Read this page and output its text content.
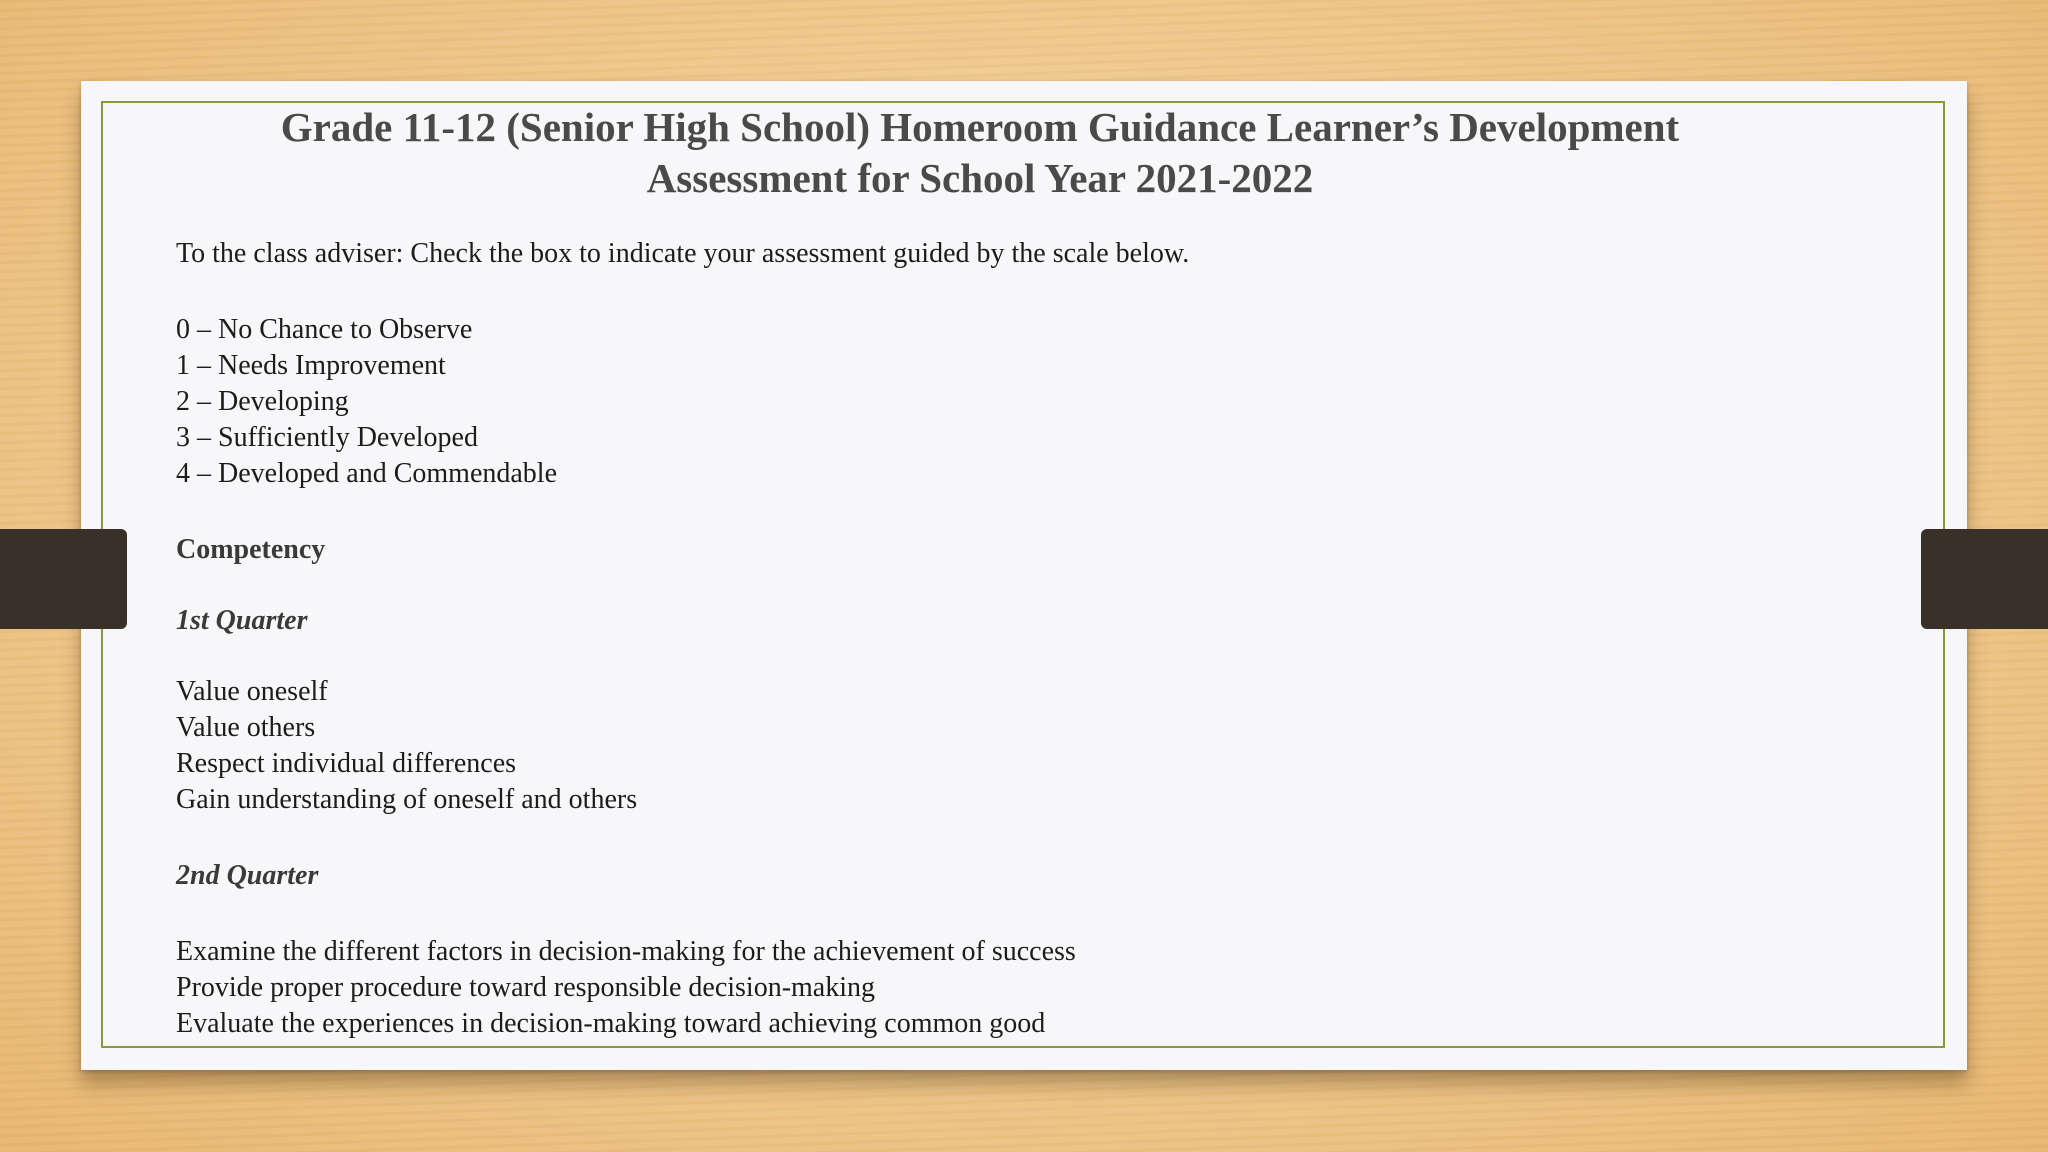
Grade 11-12 (Senior High School) Homeroom Guidance Learner’s Development
Assessment for School Year 2021-2022

To the class adviser: Check the box to indicate your assessment guided by the scale below.

0 – No Chance to Observe

1 – Needs Improvement

2 – Developing

3 – Sufficiently Developed

4 – Developed and Commendable

Competency

1st Quarter

Value oneself

Value others

Respect individual differences

Gain understanding of oneself and others

2nd Quarter

Examine the different factors in decision-making for the achievement of success

Provide proper procedure toward responsible decision-making

Evaluate the experiences in decision-making toward achieving common good
